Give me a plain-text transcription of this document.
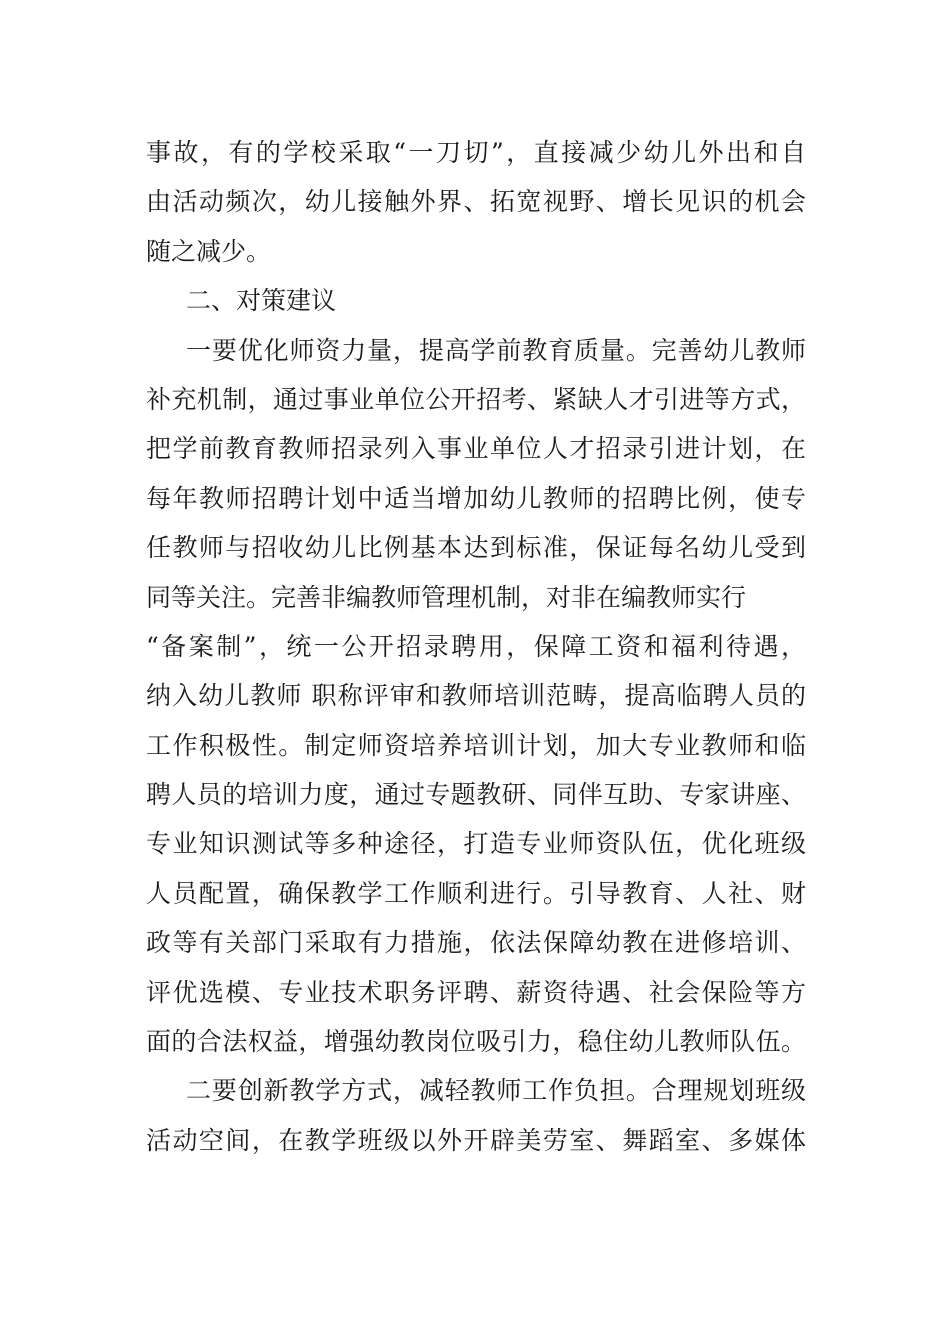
事故，有的学校采取“一刀切”，直接减少幼儿外出和自
由活动频次，幼儿接触外界、拓宽视野、增长见识的机会
随之减少。
二、对策建议
一要优化师资力量，提高学前教育质量。完善幼儿教师
补充机制，通过事业单位公开招考、紧缺人才引进等方式，
把学前教育教师招录列入事业单位人才招录引进计划，在
每年教师招聘计划中适当增加幼儿教师的招聘比例，使专
任教师与招收幼儿比例基本达到标准，保证每名幼儿受到
同等关注。完善非编教师管理机制，对非在编教师实行
“备案制”，统一公开招录聘用，保障工资和福利待遇，
纳入幼儿教师 职称评审和教师培训范畴，提高临聘人员的
工作积极性。制定师资培养培训计划，加大专业教师和临
聘人员的培训力度，通过专题教研、同伴互助、专家讲座、
专业知识测试等多种途径，打造专业师资队伍，优化班级
人员配置，确保教学工作顺利进行。引导教育、人社、财
政等有关部门采取有力措施，依法保障幼教在进修培训、
评优选模、专业技术职务评聘、薪资待遇、社会保险等方
面的合法权益，增强幼教岗位吸引力，稳住幼儿教师队伍。
二要创新教学方式，减轻教师工作负担。合理规划班级
活动空间，在教学班级以外开辟美劳室、舞蹈室、多媒体
